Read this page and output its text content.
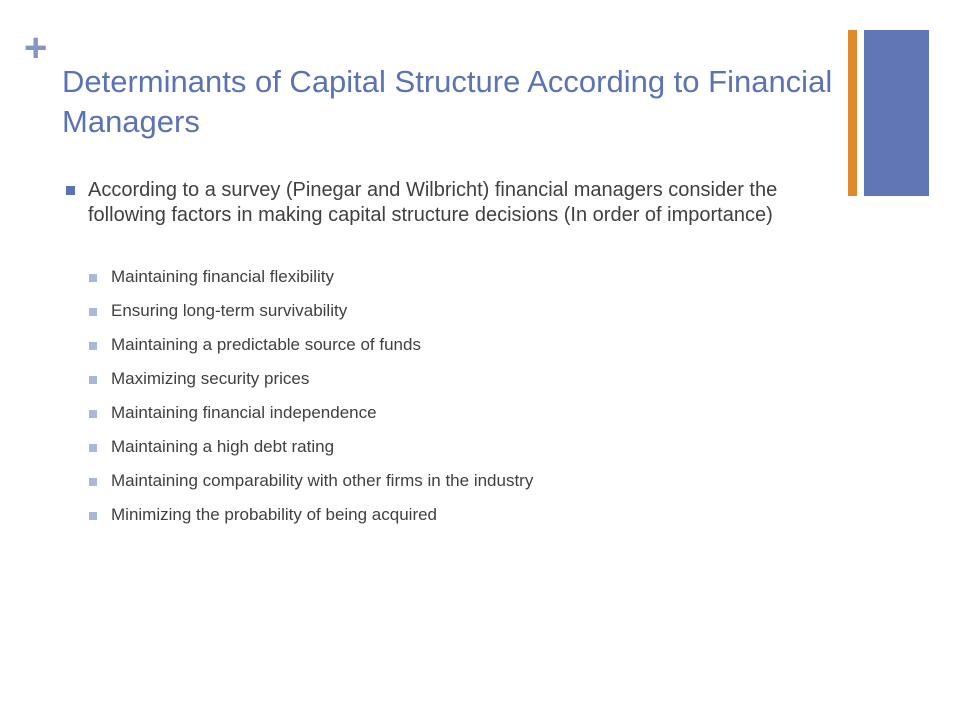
+
Determinants of Capital Structure According to Financial Managers
According to a survey (Pinegar and Wilbricht) financial managers consider the following factors in making capital structure decisions (In order of importance)
Maintaining financial flexibility
Ensuring long-term survivability
Maintaining a predictable source of funds
Maximizing security prices
Maintaining financial independence
Maintaining a high debt rating
Maintaining comparability with other firms in the industry
Minimizing the probability of being acquired
